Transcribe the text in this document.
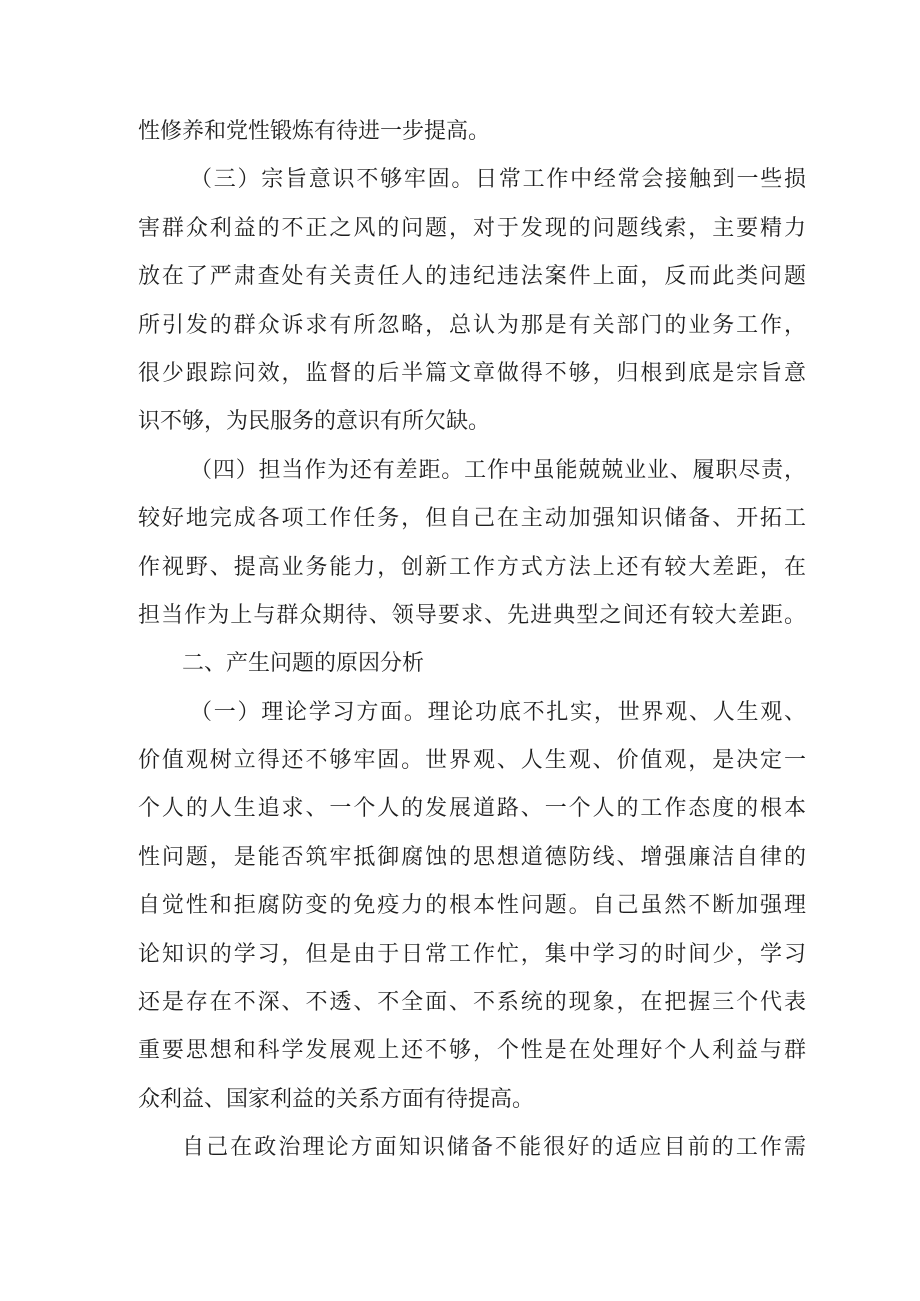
性修养和党性锻炼有待进一步提高。
（三）宗旨意识不够牢固。日常工作中经常会接触到一些损
害群众利益的不正之风的问题，对于发现的问题线索，主要精力
放在了严肃查处有关责任人的违纪违法案件上面，反而此类问题
所引发的群众诉求有所忽略，总认为那是有关部门的业务工作，
很少跟踪问效，监督的后半篇文章做得不够，归根到底是宗旨意
识不够，为民服务的意识有所欠缺。
（四）担当作为还有差距。工作中虽能兢兢业业、履职尽责，
较好地完成各项工作任务，但自己在主动加强知识储备、开拓工
作视野、提高业务能力，创新工作方式方法上还有较大差距，在
担当作为上与群众期待、领导要求、先进典型之间还有较大差距。
二、产生问题的原因分析
（一）理论学习方面。理论功底不扎实，世界观、人生观、
价值观树立得还不够牢固。世界观、人生观、价值观，是决定一
个人的人生追求、一个人的发展道路、一个人的工作态度的根本
性问题，是能否筑牢抵御腐蚀的思想道德防线、增强廉洁自律的
自觉性和拒腐防变的免疫力的根本性问题。自己虽然不断加强理
论知识的学习，但是由于日常工作忙，集中学习的时间少，学习
还是存在不深、不透、不全面、不系统的现象，在把握三个代表
重要思想和科学发展观上还不够，个性是在处理好个人利益与群
众利益、国家利益的关系方面有待提高。
自己在政治理论方面知识储备不能很好的适应目前的工作需
